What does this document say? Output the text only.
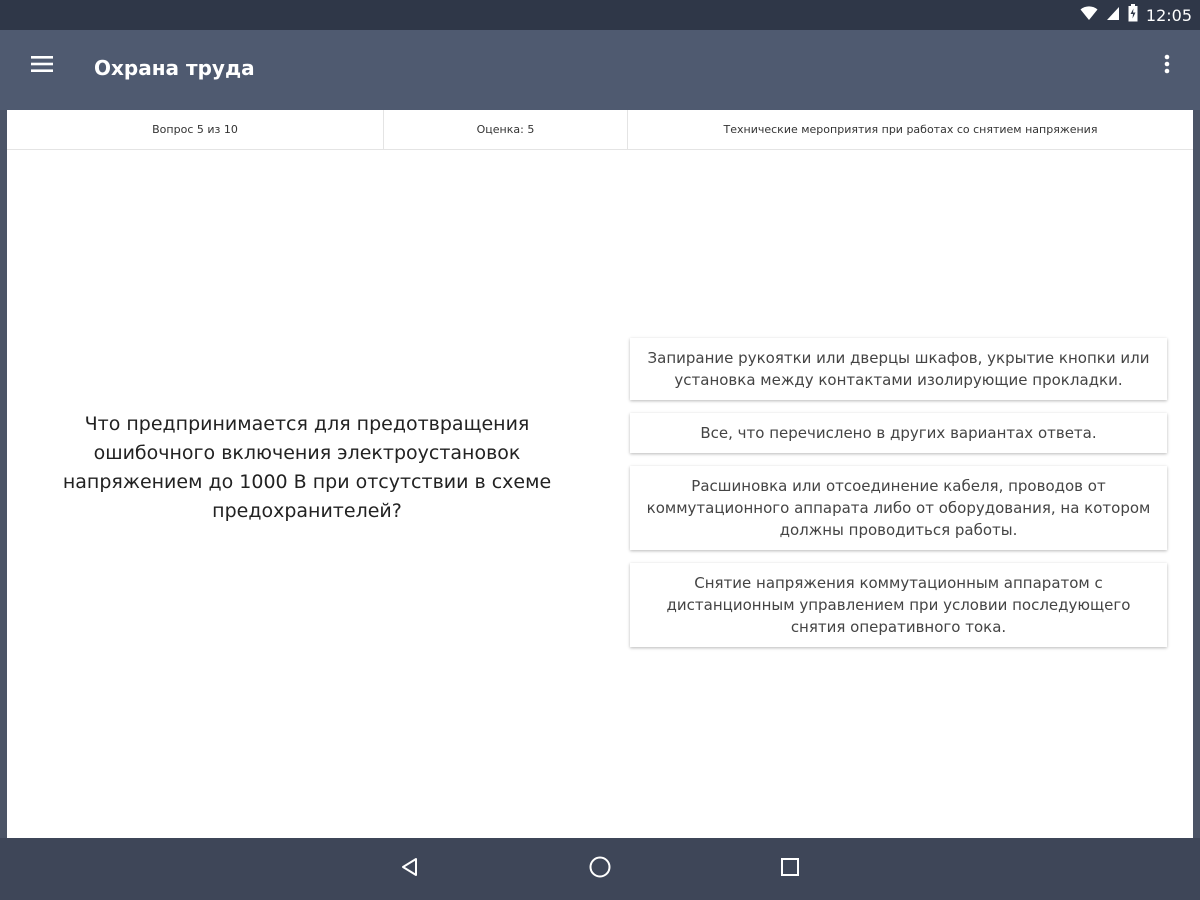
12:05
Охрана труда
Вопрос 5 из 10	Оценка: 5	Технические мероприятия при работах со снятием напряжения
Что предпринимается для предотвращения ошибочного включения электроустановок напряжением до 1000 В при отсутствии в схеме предохранителей?
Запирание рукоятки или дверцы шкафов, укрытие кнопки или установка между контактами изолирующие прокладки.
Все, что перечислено в других вариантах ответа.
Расшиновка или отсоединение кабеля, проводов от коммутационного аппарата либо от оборудования, на котором должны проводиться работы.
Снятие напряжения коммутационным аппаратом с дистанционным управлением при условии последующего снятия оперативного тока.
